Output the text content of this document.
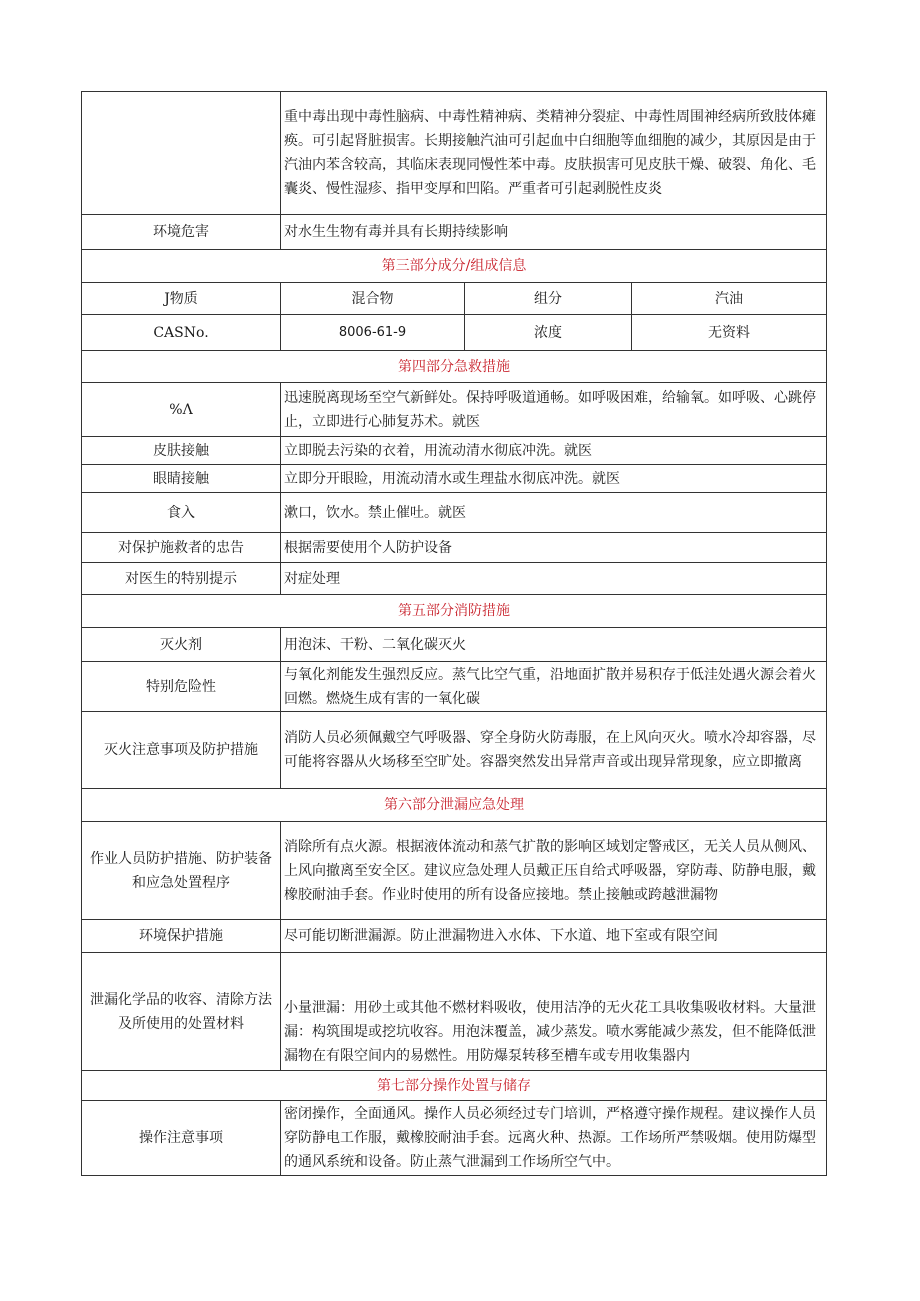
	重中毒出现中毒性脑病、中毒性精神病、类精神分裂症、中毒性周围神经病所致肢体瘫痪。可引起肾脏损害。长期接触汽油可引起血中白细胞等血细胞的减少，其原因是由于汽油内苯含较高，其临床表现同慢性苯中毒。皮肤损害可见皮肤干燥、破裂、角化、毛囊炎、慢性湿疹、指甲变厚和凹陷。严重者可引起剥脱性皮炎		
环境危害	对水生生物有毒并具有长期持续影响		
第三部分成分/组成信息			
J物质	混合物	组分	汽油
CASNo.	8006-61-9	浓度	无资料
第四部分急救措施			
%Λ	迅速脱离现场至空气新鲜处。保持呼吸道通畅。如呼吸困难，给输氧。如呼吸、心跳停止，立即进行心肺复苏术。就医		
皮肤接触	立即脱去污染的衣着，用流动清水彻底冲洗。就医		
眼睛接触	立即分开眼睑，用流动清水或生理盐水彻底冲洗。就医		
食入	漱口，饮水。禁止催吐。就医		
对保护施救者的忠告	根据需要使用个人防护设备		
对医生的特别提示	对症处理		
第五部分消防措施			
灭火剂	用泡沫、干粉、二氧化碳灭火		
特别危险性	与氧化剂能发生强烈反应。蒸气比空气重，沿地面扩散并易积存于低洼处遇火源会着火回燃。燃烧生成有害的一氧化碳		
灭火注意事项及防护措施	消防人员必须佩戴空气呼吸器、穿全身防火防毒服，在上风向灭火。喷水冷却容器，尽可能将容器从火场移至空旷处。容器突然发出异常声音或出现异常现象，应立即撤离		
第六部分泄漏应急处理			
作业人员防护措施、防护装备和应急处置程序	消除所有点火源。根据液体流动和蒸气扩散的影响区域划定警戒区，无关人员从侧风、上风向撤离至安全区。建议应急处理人员戴正压自给式呼吸器，穿防毒、防静电服，戴橡胶耐油手套。作业时使用的所有设备应接地。禁止接触或跨越泄漏物		
环境保护措施	尽可能切断泄漏源。防止泄漏物进入水体、下水道、地下室或有限空间		
泄漏化学品的收容、清除方法及所使用的处置材料	小量泄漏：用砂土或其他不燃材料吸收，使用洁净的无火花工具收集吸收材料。大量泄漏：构筑围堤或挖坑收容。用泡沫覆盖，减少蒸发。喷水雾能减少蒸发，但不能降低泄漏物在有限空间内的易燃性。用防爆泵转移至槽车或专用收集器内		
第七部分操作处置与储存			
操作注意事项	密闭操作，全面通风。操作人员必须经过专门培训，严格遵守操作规程。建议操作人员穿防静电工作服，戴橡胶耐油手套。远离火种、热源。工作场所严禁吸烟。使用防爆型的通风系统和设备。防止蒸气泄漏到工作场所空气中。		
